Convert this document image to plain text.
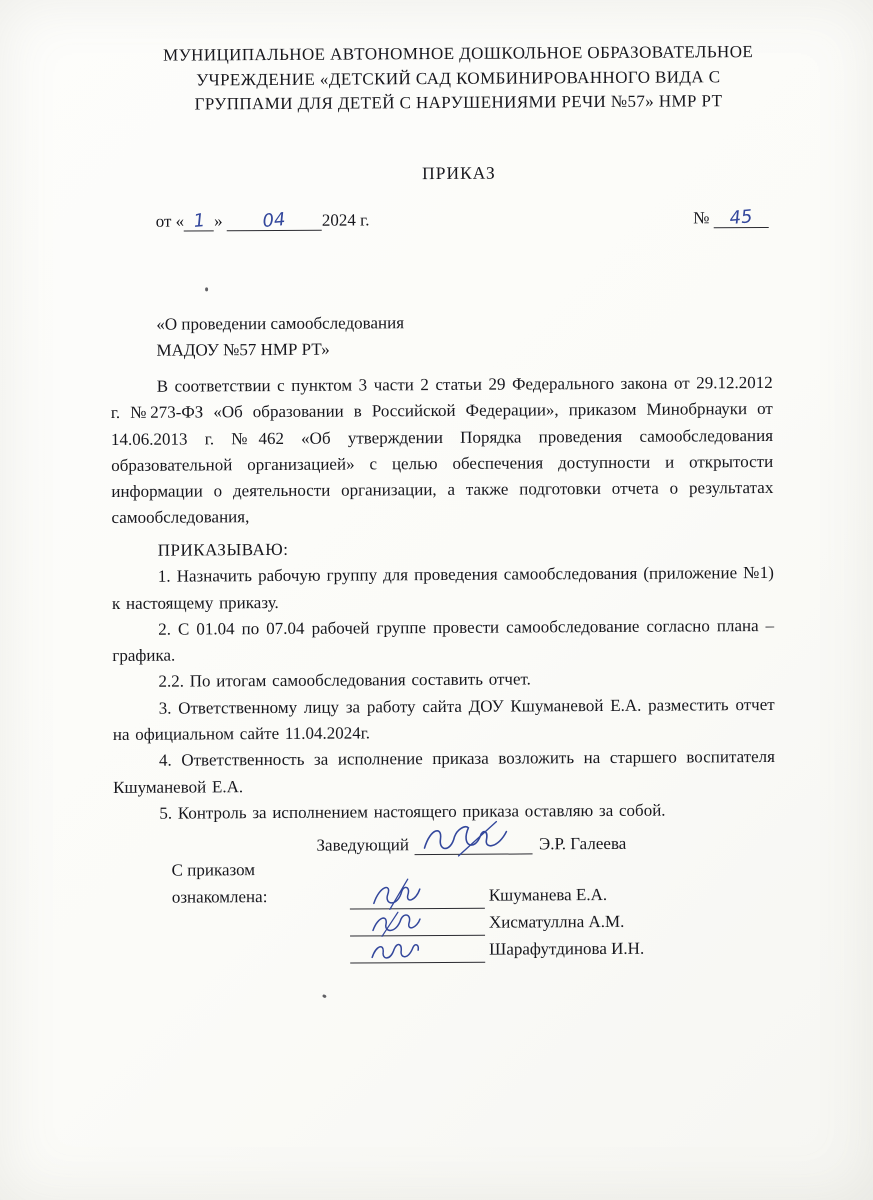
МУНИЦИПАЛЬНОЕ АВТОНОМНОЕ ДОШКОЛЬНОЕ ОБРАЗОВАТЕЛЬНОЕ УЧРЕЖДЕНИЕ «ДЕТСКИЙ САД КОМБИНИРОВАННОГО ВИДА С ГРУППАМИ ДЛЯ ДЕТЕЙ С НАРУШЕНИЯМИ РЕЧИ №57» НМР РТ
ПРИКАЗ
от « 1 » 04 2024 г.	№ 45
«О проведении самообследования
МАДОУ №57 НМР РТ»
В соответствии с пунктом 3 части 2 статьи 29 Федерального закона от 29.12.2012 г. №273-ФЗ «Об образовании в Российской Федерации», приказом Минобрнауки от 14.06.2013 г. №462 «Об утверждении Порядка проведения самообследования образовательной организацией» с целью обеспечения доступности и открытости информации о деятельности организации, а также подготовки отчета о результатах самообследования,

ПРИКАЗЫВАЮ:

1. Назначить рабочую группу для проведения самообследования (приложение №1) к настоящему приказу.

2. С 01.04 по 07.04 рабочей группе провести самообследование согласно плана –графика.

2.2. По итогам самообследования составить отчет.

3. Ответственному лицу за работу сайта ДОУ Кшуманевой Е.А. разместить отчет на официальном сайте 11.04.2024г.

4. Ответственность за исполнение приказа возложить на старшего воспитателя Кшуманевой Е.А.

5. Контроль за исполнением настоящего приказа оставляю за собой.

Заведующий	Э.Р. Галеева
С приказом ознакомлена:	Кшуманева Е.А.
Хисматуллна А.М.
Шарафутдинова И.Н.
